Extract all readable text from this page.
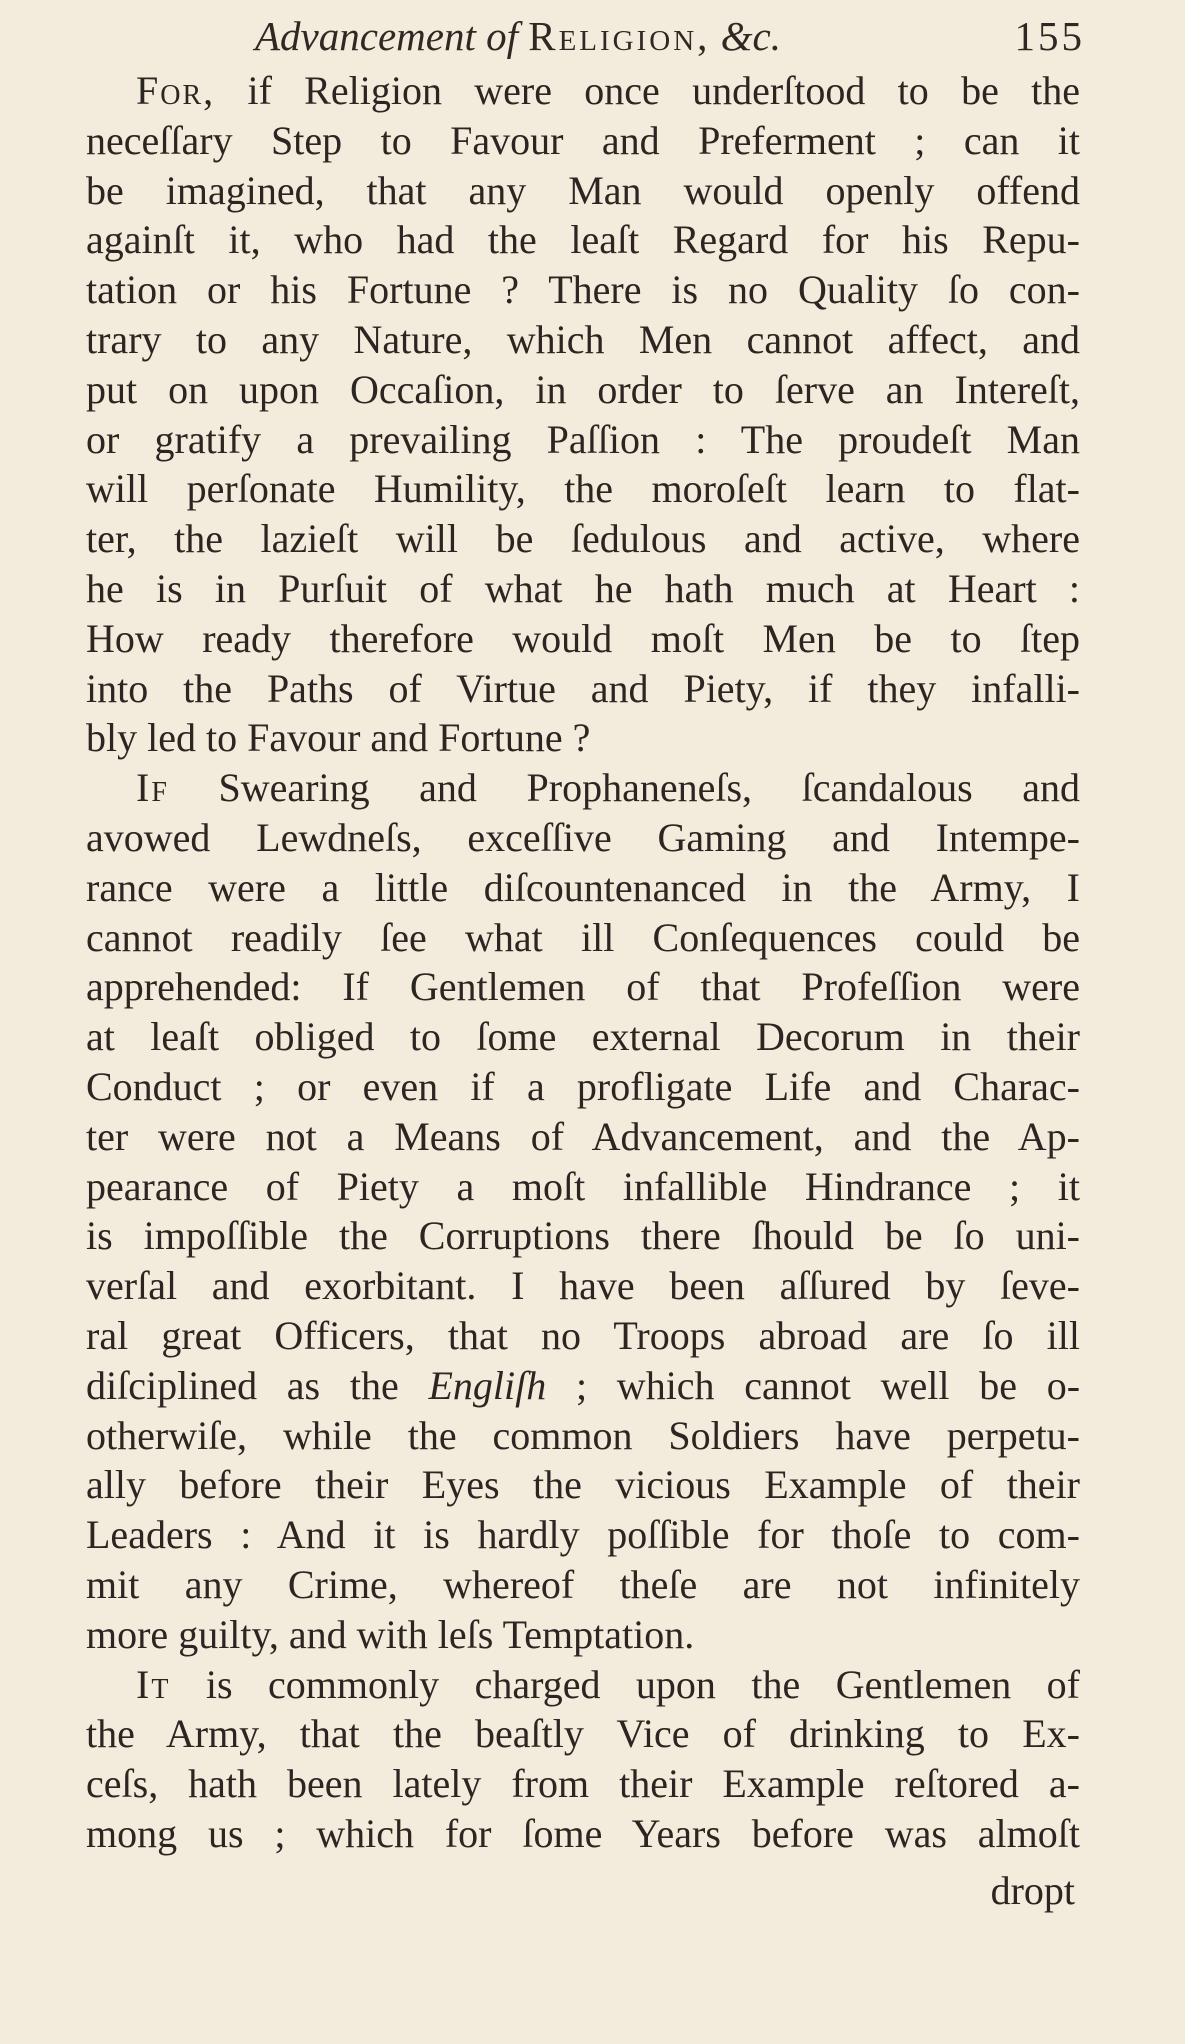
Advancement of Religion, &c.	155

For, if Religion were once underſtood to be the

neceſſary Step to Favour and Preferment ; can it

be imagined, that any Man would openly offend

againſt it, who had the leaſt Regard for his Repu-

tation or his Fortune ? There is no Quality ſo con-

trary to any Nature, which Men cannot affect, and

put on upon Occaſion, in order to ſerve an Intereſt,

or gratify a prevailing Paſſion : The proudeſt Man

will perſonate Humility, the moroſeſt learn to flat-

ter, the lazieſt will be ſedulous and active, where

he is in Purſuit of what he hath much at Heart :

How ready therefore would moſt Men be to ſtep

into the Paths of Virtue and Piety, if they infalli-

bly led to Favour and Fortune ?

If Swearing and Prophaneneſs, ſcandalous and

avowed Lewdneſs, exceſſive Gaming and Intempe-

rance were a little diſcountenanced in the Army, I

cannot readily ſee what ill Conſequences could be

apprehended: If Gentlemen of that Profeſſion were

at leaſt obliged to ſome external Decorum in their

Conduct ; or even if a profligate Life and Charac-

ter were not a Means of Advancement, and the Ap-

pearance of Piety a moſt infallible Hindrance ; it

is impoſſible the Corruptions there ſhould be ſo uni-

verſal and exorbitant. I have been aſſured by ſeve-

ral great Officers, that no Troops abroad are ſo ill

diſciplined as the Engliſh ; which cannot well be o-

otherwiſe, while the common Soldiers have perpetu-

ally before their Eyes the vicious Example of their

Leaders : And it is hardly poſſible for thoſe to com-

mit any Crime, whereof theſe are not infinitely

more guilty, and with leſs Temptation.

It is commonly charged upon the Gentlemen of

the Army, that the beaſtly Vice of drinking to Ex-

ceſs, hath been lately from their Example reſtored a-

mong us ; which for ſome Years before was almoſt

dropt
